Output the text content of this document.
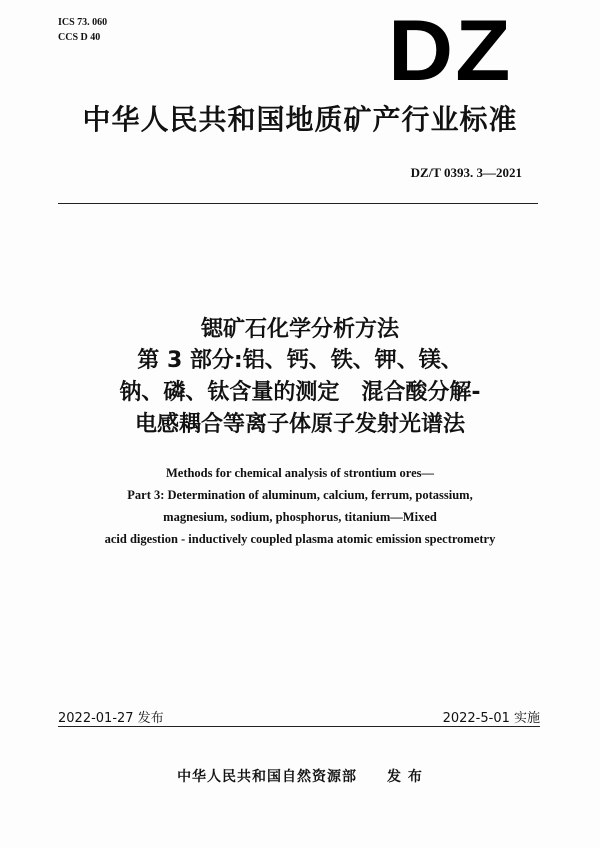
ICS 73. 060
CCS D 40	DZ
中华人民共和国地质矿产行业标准
DZ/T 0393. 3—2021
锶矿石化学分析方法
第 3 部分:铝、钙、铁、钾、镁、
钠、磷、钛含量的测定　混合酸分解-
电感耦合等离子体原子发射光谱法
Methods for chemical analysis of strontium ores—
Part 3: Determination of aluminum, calcium, ferrum, potassium,
magnesium, sodium, phosphorus, titanium—Mixed
acid digestion - inductively coupled plasma atomic emission spectrometry
2022-01-27 发布	2022-5-01 实施
中华人民共和国自然资源部　　发 布
